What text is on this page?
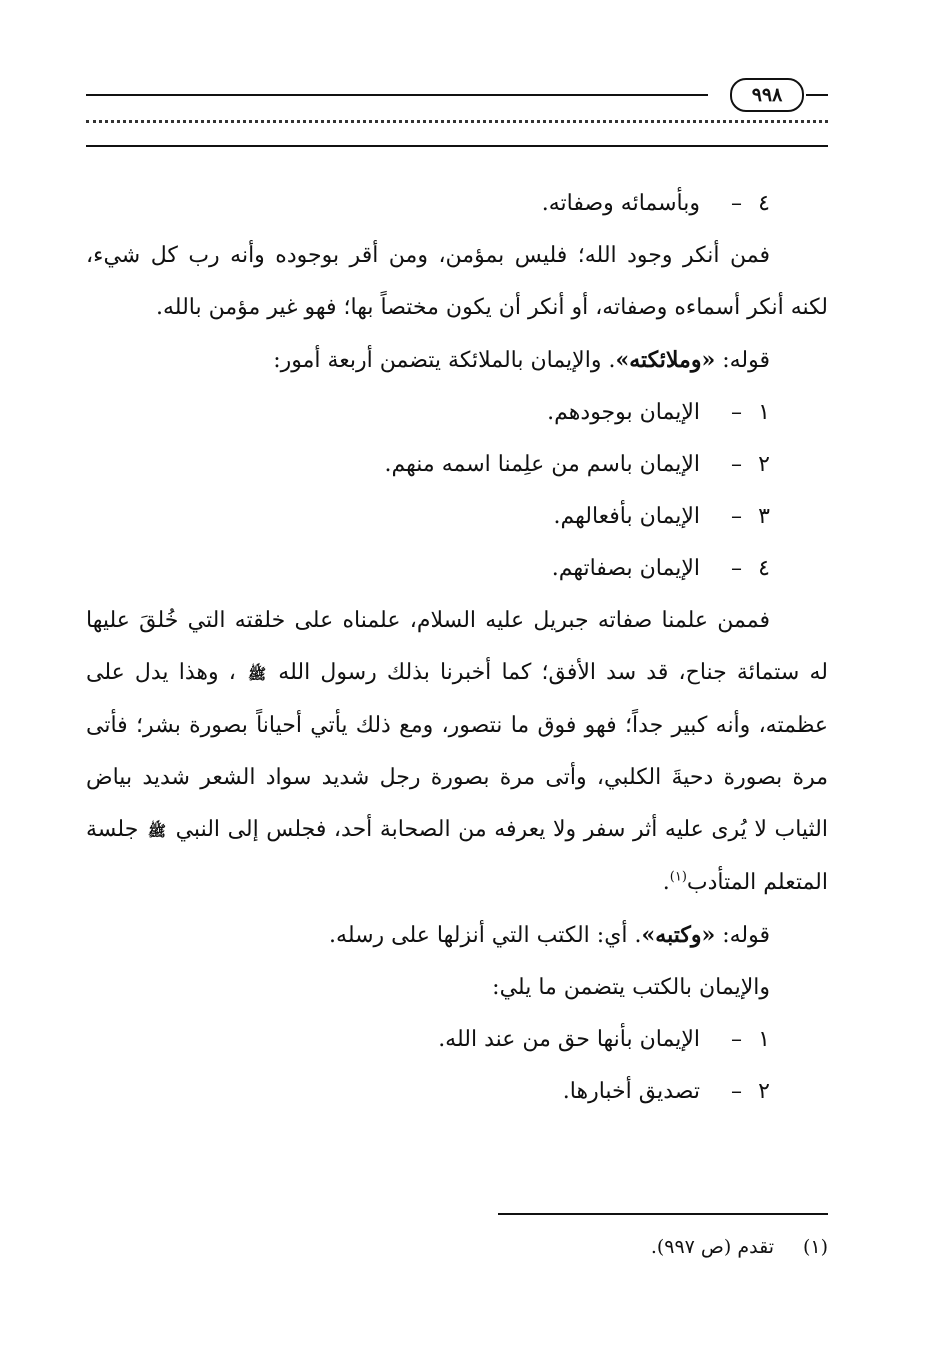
٩٩٨

٤
–
وبأسمائه وصفاته.

فمن أنكر وجود الله؛ فليس بمؤمن، ومن أقر بوجوده وأنه رب كل شيء، لكنه أنكر أسماءه وصفاته، أو أنكر أن يكون مختصاً بها؛ فهو غير مؤمن بالله.

قوله: «وملائكته». والإيمان بالملائكة يتضمن أربعة أمور:

١
–
الإيمان بوجودهم.

٢
–
الإيمان باسم من علِمنا اسمه منهم.

٣
–
الإيمان بأفعالهم.

٤
–
الإيمان بصفاتهم.

فممن علمنا صفاته جبريل عليه السلام، علمناه على خلقته التي خُلقَ عليها له ستمائة جناح، قد سد الأفق؛ كما أخبرنا بذلك رسول الله ﷺ ، وهذا يدل على عظمته، وأنه كبير جداً؛ فهو فوق ما نتصور، ومع ذلك يأتي أحياناً بصورة بشر؛ فأتى مرة بصورة دحيةَ الكلبي، وأتى مرة بصورة رجل شديد سواد الشعر شديد بياض الثياب لا يُرى عليه أثر سفر ولا يعرفه من الصحابة أحد، فجلس إلى النبي ﷺ جلسة المتعلم المتأدب$^{(١)}$.

قوله: «وكتبه». أي: الكتب التي أنزلها على رسله.

والإيمان بالكتب يتضمن ما يلي:

١
–
الإيمان بأنها حق من عند الله.

٢
–
تصديق أخبارها.

(١)تقدم (ص ٩٩٧).
